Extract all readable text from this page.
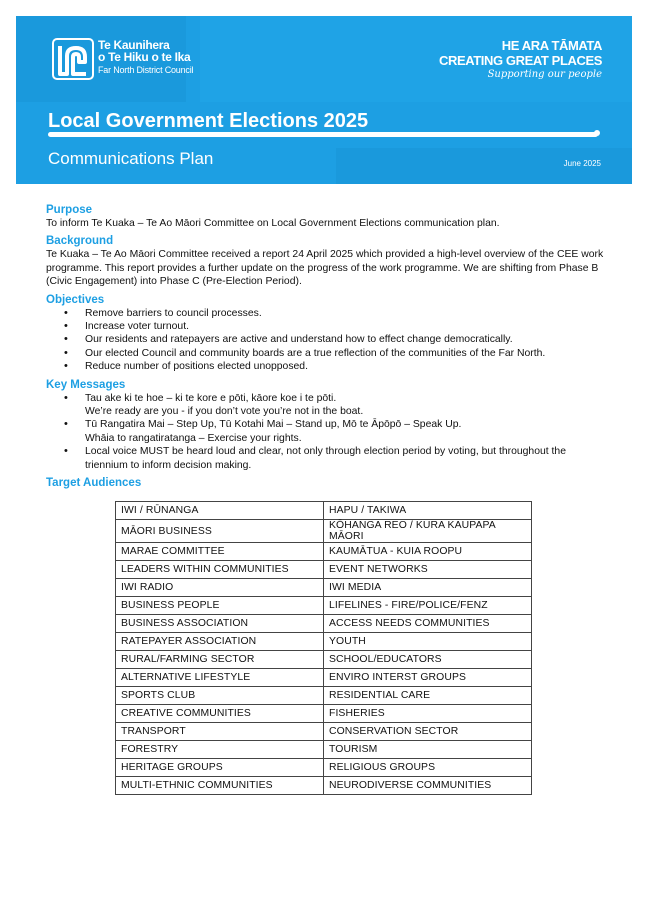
Te Kaunihera
o Te Hiku o te Ika
Far North District Council
HE ARA TĀMATA
CREATING GREAT PLACES
Supporting our people
Local Government Elections 2025
Communications Plan	June 2025
Purpose

To inform Te Kuaka – Te Ao Māori Committee on Local Government Elections communication plan.

Background

Te Kuaka – Te Ao Māori Committee received a report 24 April 2025 which provided a high-level overview of the CEE work programme. This report provides a further update on the progress of the work programme. We are shifting from Phase B (Civic Engagement) into Phase C (Pre-Election Period).

Objectives
• Remove barriers to council processes.
• Increase voter turnout.
• Our residents and ratepayers are active and understand how to effect change democratically.
• Our elected Council and community boards are a true reflection of the communities of the Far North.
• Reduce number of positions elected unopposed.
Key Messages
• Tau ake ki te hoe – ki te kore e pōti, kāore koe i te pōti.
We’re ready are you - if you don’t vote you’re not in the boat.
• Tū Rangatira Mai – Step Up, Tū Kotahi Mai – Stand up, Mō te Āpōpō – Speak Up.
Whāia to rangatiratanga – Exercise your rights.
• Local voice MUST be heard loud and clear, not only through election period by voting, but throughout the triennium to inform decision making.
Target Audiences
IWI / RŪNANGA	HAPU / TAKIWA
MĀORI BUSINESS	KŌHANGA REO / KURA KAUPAPA MĀORI
MARAE COMMITTEE	KAUMĀTUA - KUIA ROOPU
LEADERS WITHIN COMMUNITIES	EVENT NETWORKS
IWI RADIO	IWI MEDIA
BUSINESS PEOPLE	LIFELINES - FIRE/POLICE/FENZ
BUSINESS ASSOCIATION	ACCESS NEEDS COMMUNITIES
RATEPAYER ASSOCIATION	YOUTH
RURAL/FARMING SECTOR	SCHOOL/EDUCATORS
ALTERNATIVE LIFESTYLE	ENVIRO INTERST GROUPS
SPORTS CLUB	RESIDENTIAL CARE
CREATIVE COMMUNITIES	FISHERIES
TRANSPORT	CONSERVATION SECTOR
FORESTRY	TOURISM
HERITAGE GROUPS	RELIGIOUS GROUPS
MULTI-ETHNIC COMMUNITIES	NEURODIVERSE COMMUNITIES
